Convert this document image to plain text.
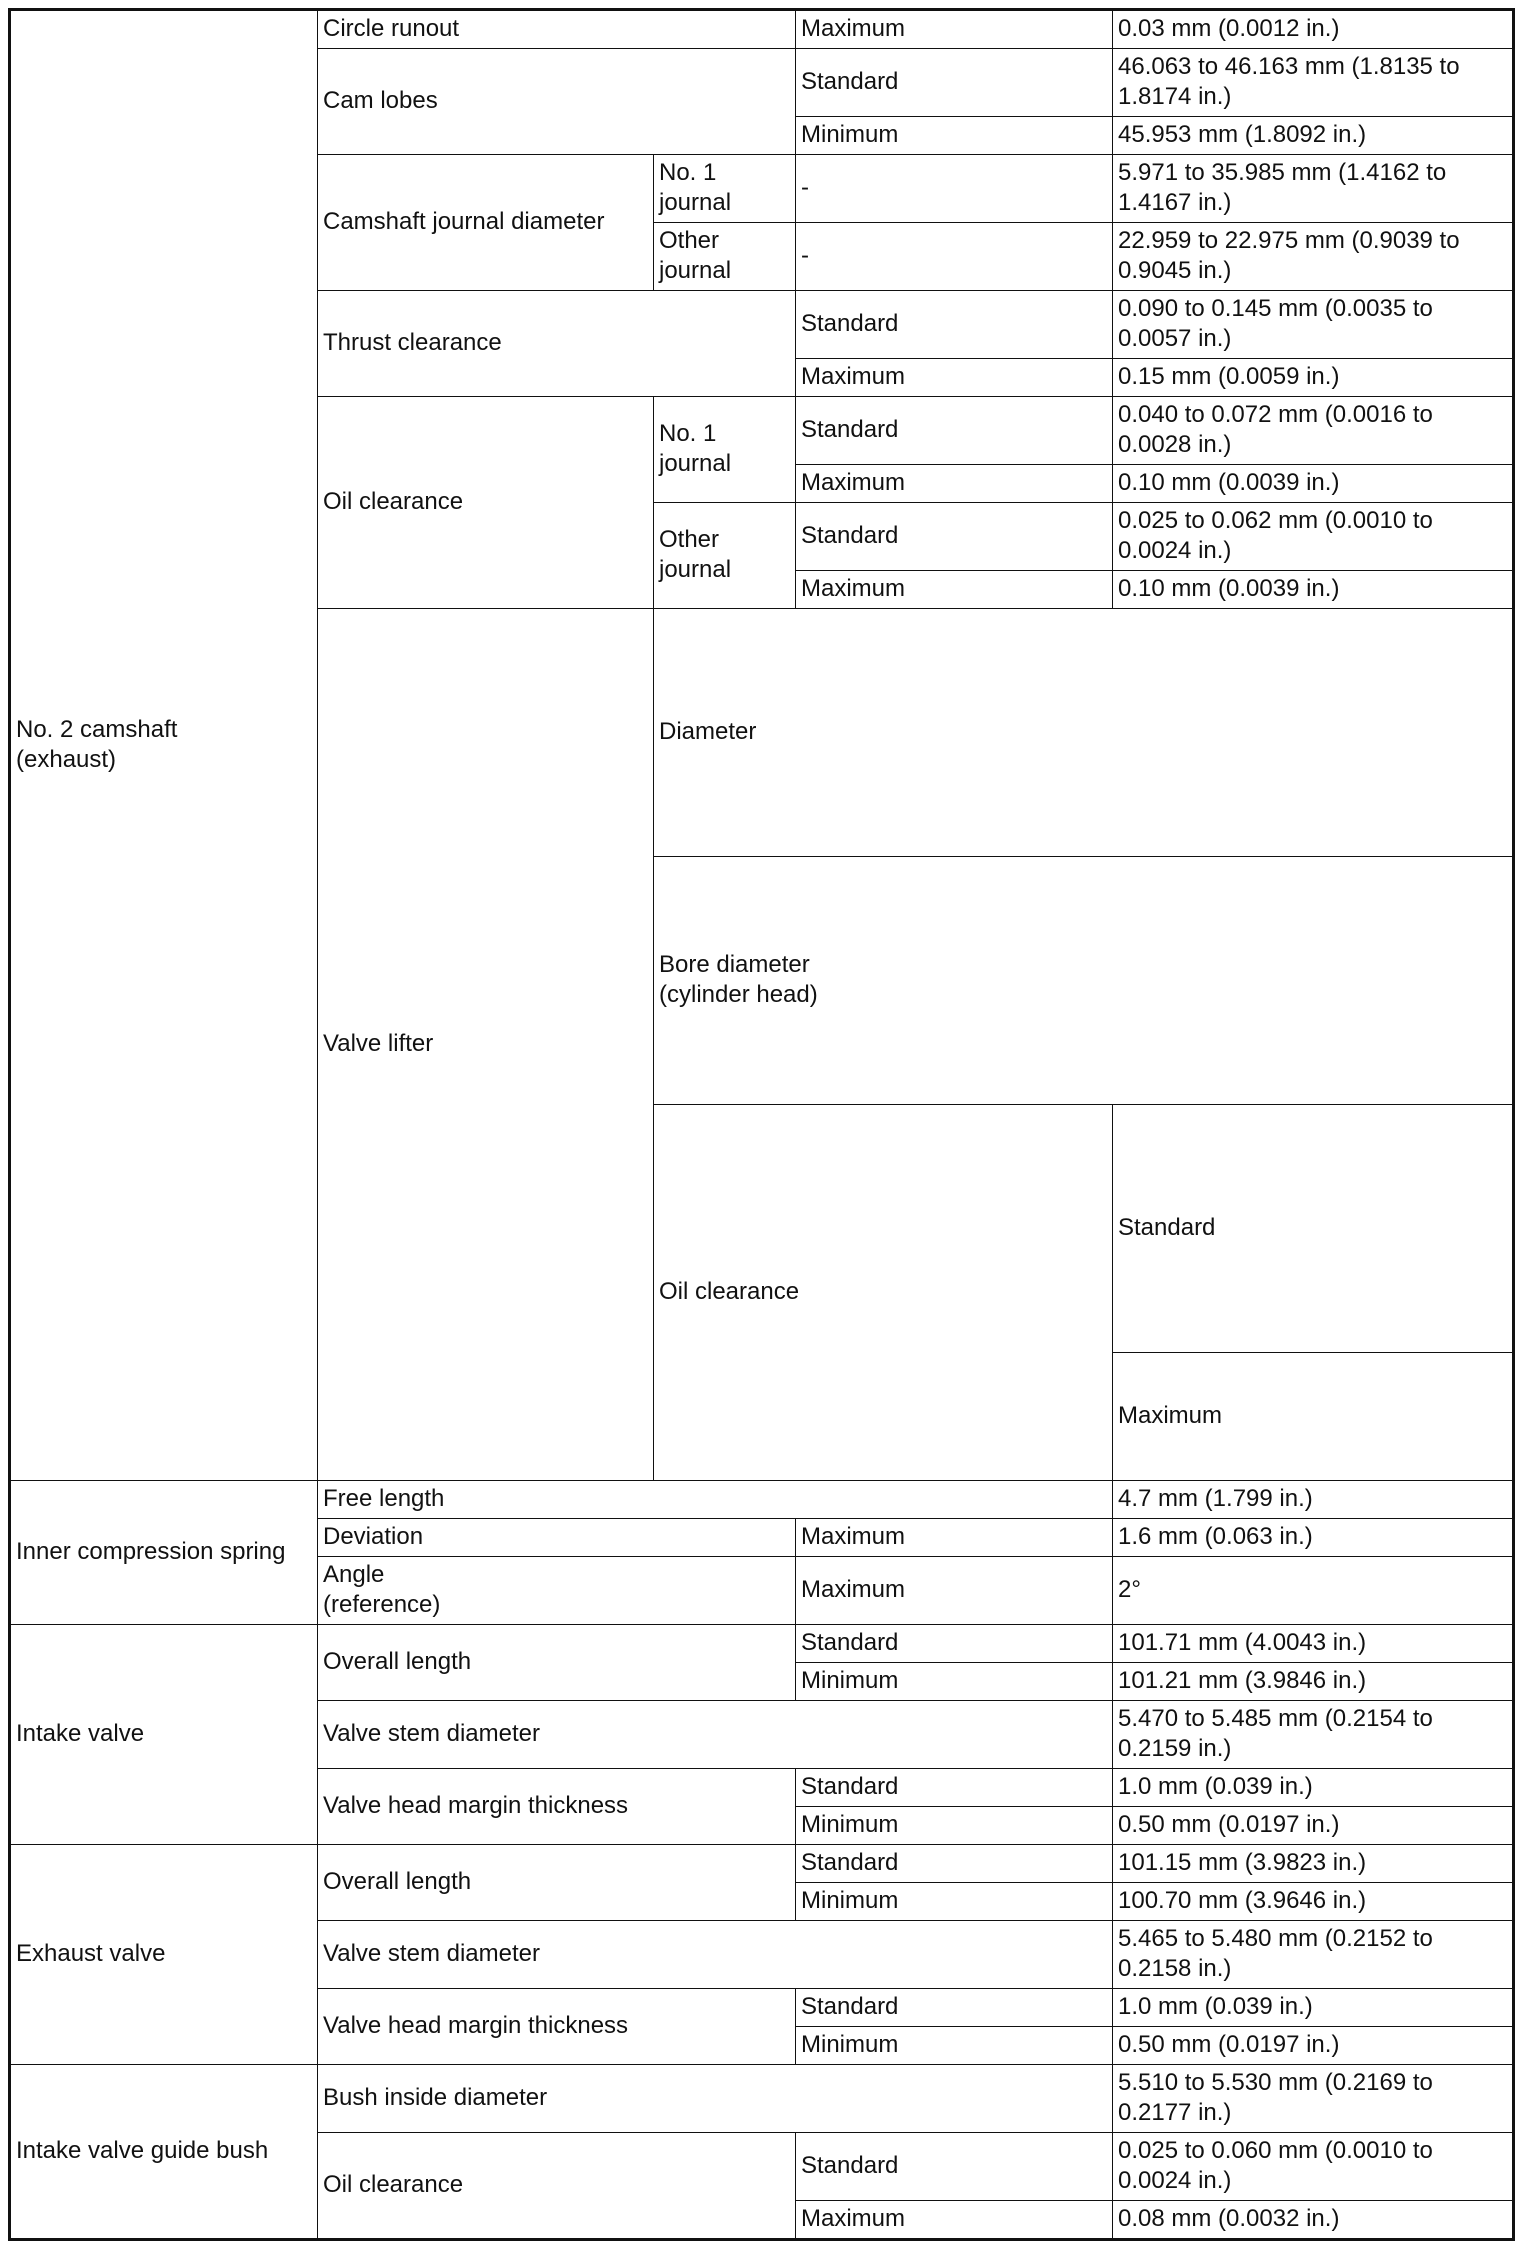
No. 2 camshaft
(exhaust)	Circle runout		Maximum	0.03 mm (0.0012 in.)	
	Cam lobes		Standard	46.063 to 46.163 mm (1.8135 to 1.8174 in.)	
			Minimum	45.953 mm (1.8092 in.)	
	Camshaft journal diameter	No. 1
journal	-	5.971 to 35.985 mm (1.4162 to 1.4167 in.)	
		Other
journal	-	22.959 to 22.975 mm (0.9039 to 0.9045 in.)	
	Thrust clearance		Standard	0.090 to 0.145 mm (0.0035 to 0.0057 in.)	
			Maximum	0.15 mm (0.0059 in.)	
	Oil clearance	No. 1
journal	Standard	0.040 to 0.072 mm (0.0016 to 0.0028 in.)	
			Maximum	0.10 mm (0.0039 in.)	
		Other
journal	Standard	0.025 to 0.062 mm (0.0010 to 0.0024 in.)	
			Maximum	0.10 mm (0.0039 in.)	
	Valve lifter	Diameter	
		Bore diameter
(cylinder head)	
		Oil clearance		Standard	
				Maximum	
Inner compression spring	Free length			4.7 mm (1.799 in.)	
	Deviation		Maximum	1.6 mm (0.063 in.)	
	Angle
(reference)		Maximum	2°	
Intake valve	Overall length		Standard	101.71 mm (4.0043 in.)	
			Minimum	101.21 mm (3.9846 in.)	
	Valve stem diameter			5.470 to 5.485 mm (0.2154 to 0.2159 in.)	
	Valve head margin thickness		Standard	1.0 mm (0.039 in.)	
			Minimum	0.50 mm (0.0197 in.)	
Exhaust valve	Overall length		Standard	101.15 mm (3.9823 in.)	
			Minimum	100.70 mm (3.9646 in.)	
	Valve stem diameter			5.465 to 5.480 mm (0.2152 to 0.2158 in.)	
	Valve head margin thickness		Standard	1.0 mm (0.039 in.)	
			Minimum	0.50 mm (0.0197 in.)	
Intake valve guide bush	Bush inside diameter			5.510 to 5.530 mm (0.2169 to 0.2177 in.)	
	Oil clearance		Standard	0.025 to 0.060 mm (0.0010 to 0.0024 in.)	
			Maximum	0.08 mm (0.0032 in.)	
